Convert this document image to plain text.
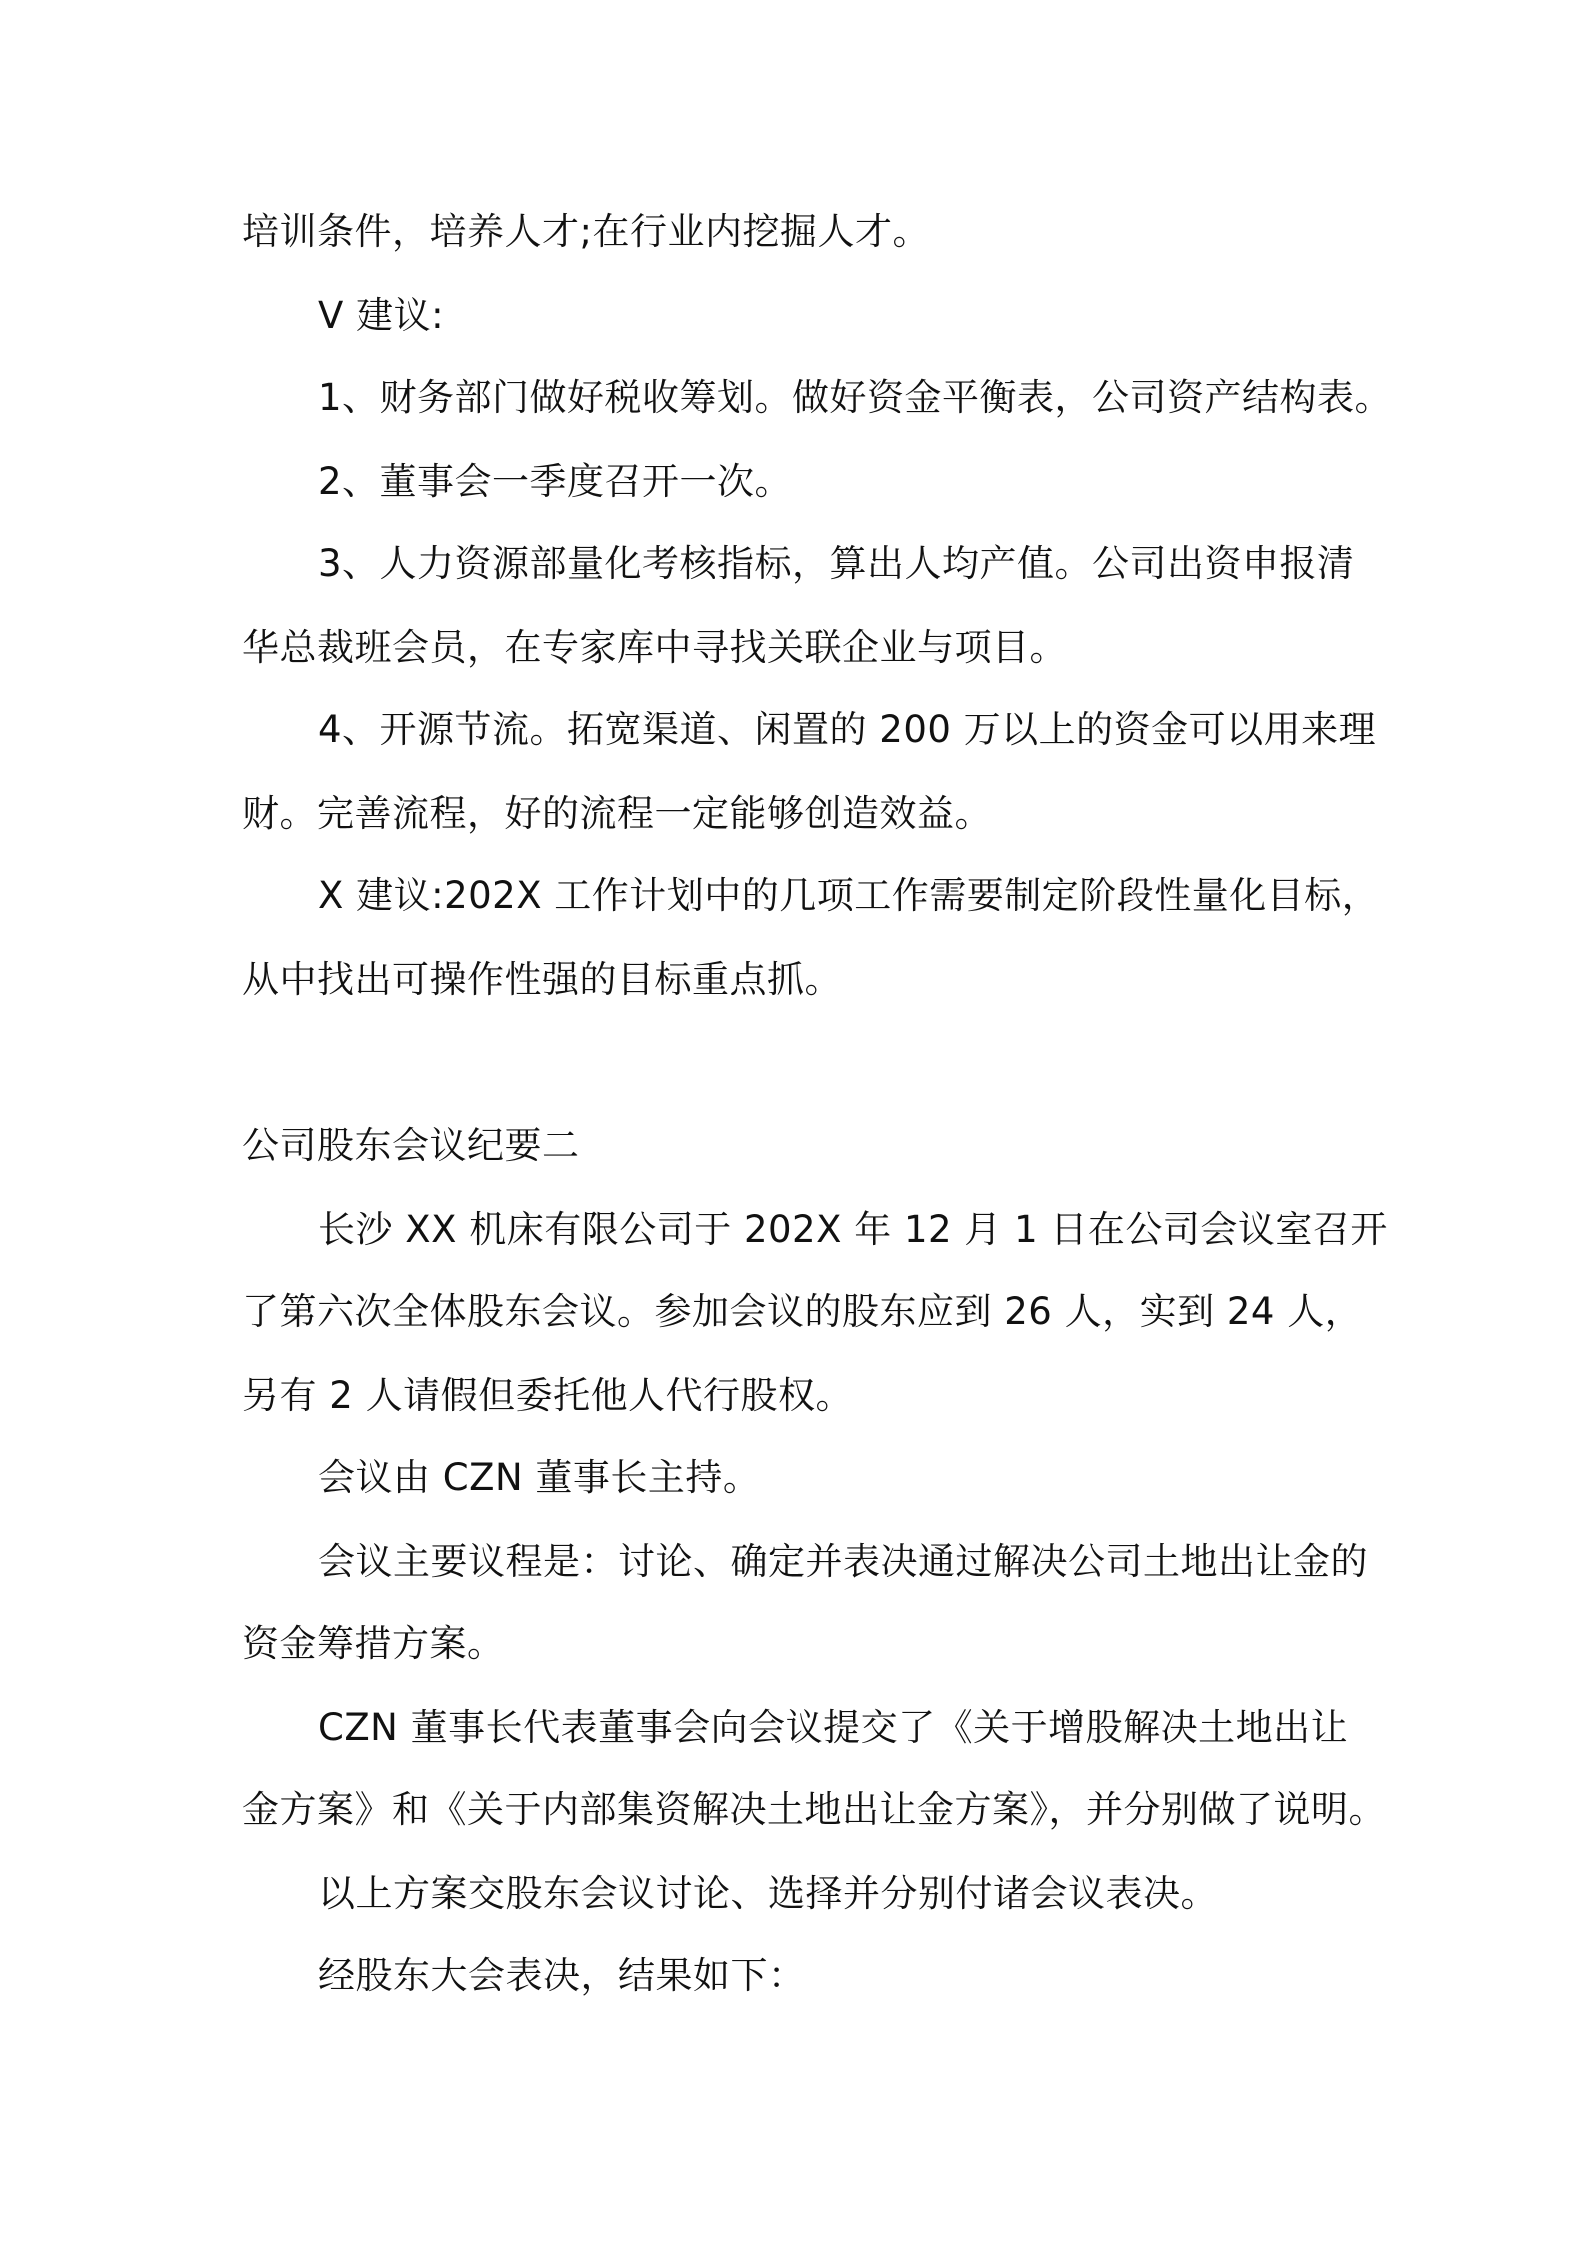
培训条件，培养人才;在行业内挖掘人才。
V 建议:
1、财务部门做好税收筹划。做好资金平衡表，公司资产结构表。
2、董事会一季度召开一次。
3、人力资源部量化考核指标，算出人均产值。公司出资申报清
华总裁班会员，在专家库中寻找关联企业与项目。
4、开源节流。拓宽渠道、闲置的 200 万以上的资金可以用来理
财。完善流程，好的流程一定能够创造效益。
X 建议:202X 工作计划中的几项工作需要制定阶段性量化目标，
从中找出可操作性强的目标重点抓。
公司股东会议纪要二
长沙 XX 机床有限公司于 202X 年 12 月 1 日在公司会议室召开
了第六次全体股东会议。参加会议的股东应到 26 人，实到 24 人，
另有 2 人请假但委托他人代行股权。
会议由 CZN 董事长主持。
会议主要议程是：讨论、确定并表决通过解决公司土地出让金的
资金筹措方案。
CZN 董事长代表董事会向会议提交了《关于增股解决土地出让
金方案》和《关于内部集资解决土地出让金方案》，并分别做了说明。
以上方案交股东会议讨论、选择并分别付诸会议表决。
经股东大会表决，结果如下：
